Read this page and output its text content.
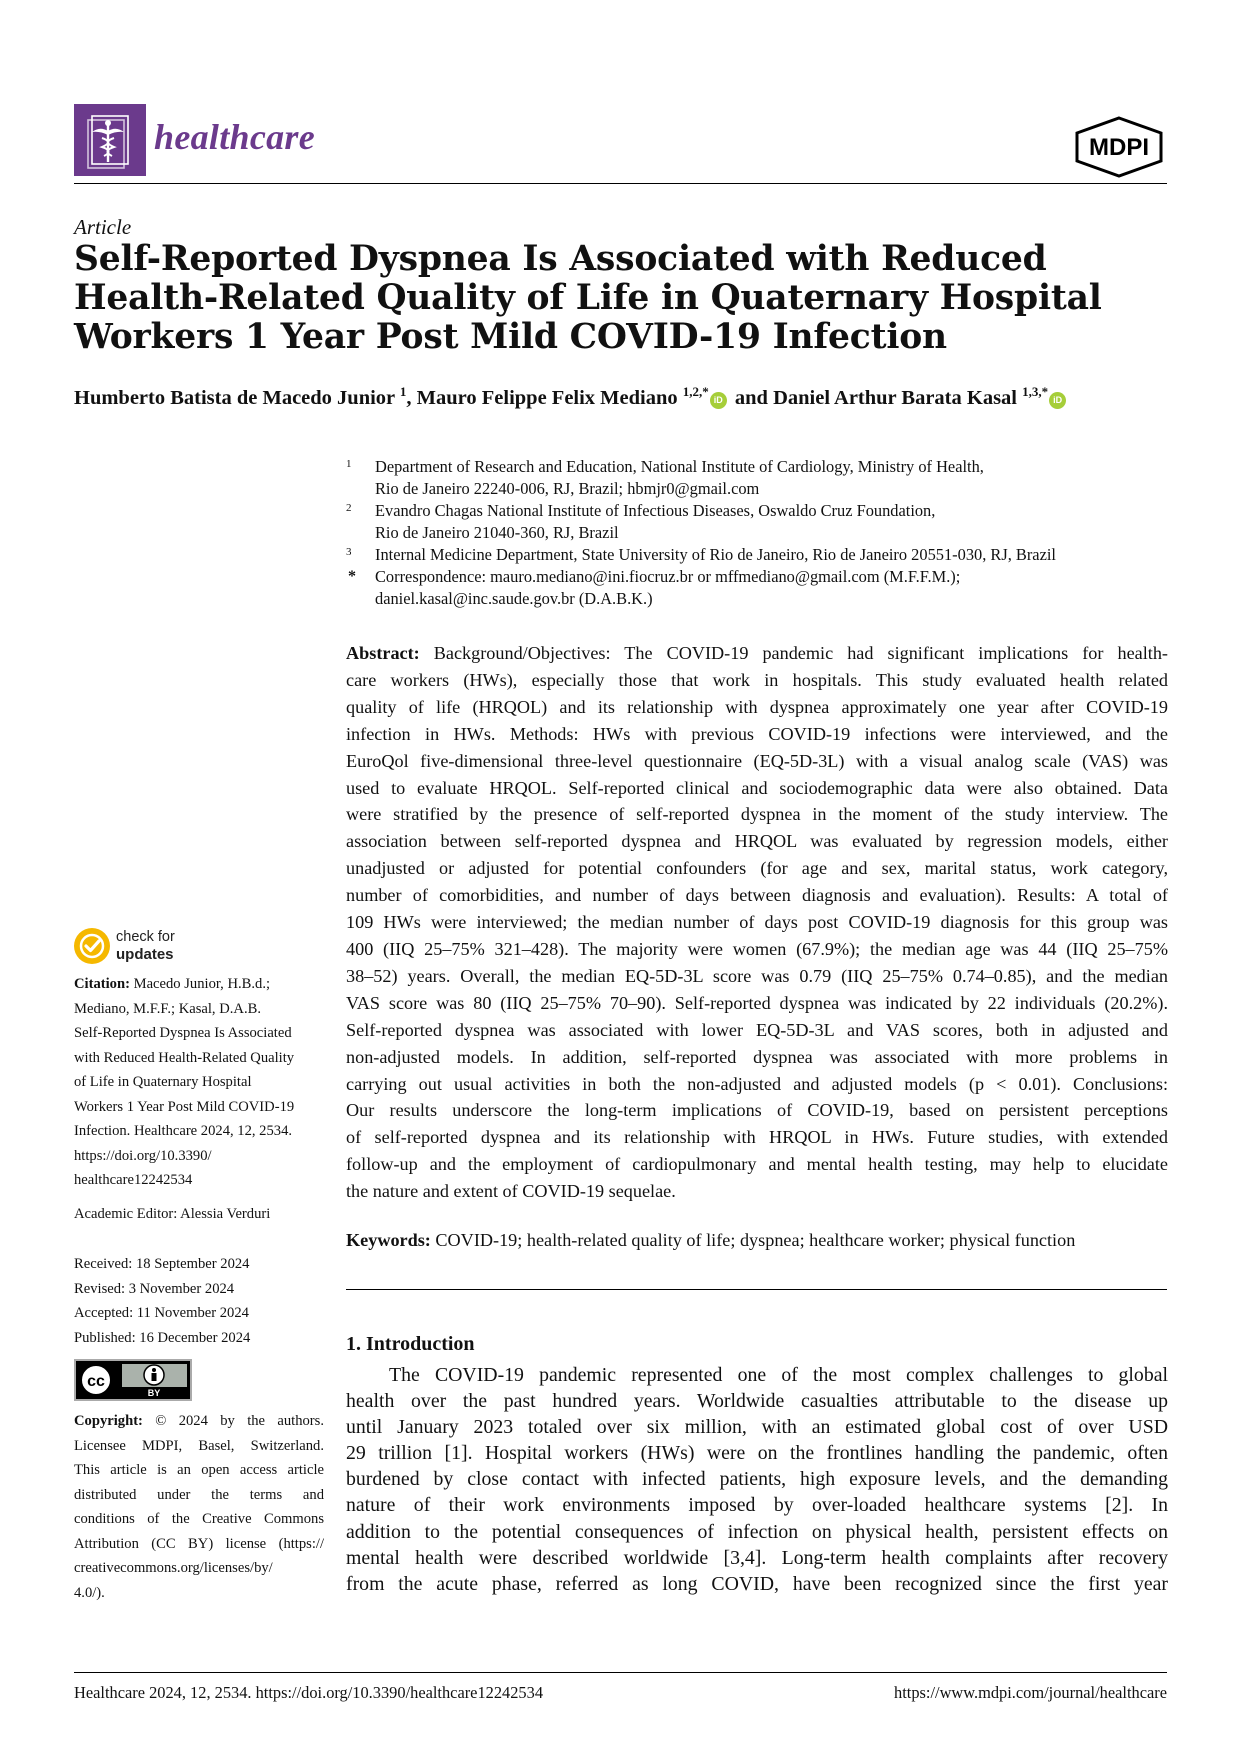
healthcare	MDPI
Article
Self-Reported Dyspnea Is Associated with Reduced
Health-Related Quality of Life in Quaternary Hospital
Workers 1 Year Post Mild COVID-19 Infection
Humberto Batista de Macedo Junior $^1$, Mauro Felippe Felix Mediano $^{1,2,*}$iD and Daniel Arthur Barata Kasal $^{1,3,*}$iD
1 Department of Research and Education, National Institute of Cardiology, Ministry of Health,
Rio de Janeiro 22240-006, RJ, Brazil; hbmjr0@gmail.com
2 Evandro Chagas National Institute of Infectious Diseases, Oswaldo Cruz Foundation,
Rio de Janeiro 21040-360, RJ, Brazil
3 Internal Medicine Department, State University of Rio de Janeiro, Rio de Janeiro 20551-030, RJ, Brazil
* Correspondence: mauro.mediano@ini.fiocruz.br or mffmediano@gmail.com (M.F.F.M.);
daniel.kasal@inc.saude.gov.br (D.A.B.K.)
Abstract: Background/Objectives: The COVID-19 pandemic had significant implications for health-
care workers (HWs), especially those that work in hospitals. This study evaluated health related
quality of life (HRQOL) and its relationship with dyspnea approximately one year after COVID-19
infection in HWs. Methods: HWs with previous COVID-19 infections were interviewed, and the
EuroQol five-dimensional three-level questionnaire (EQ-5D-3L) with a visual analog scale (VAS) was
used to evaluate HRQOL. Self-reported clinical and sociodemographic data were also obtained. Data
were stratified by the presence of self-reported dyspnea in the moment of the study interview. The
association between self-reported dyspnea and HRQOL was evaluated by regression models, either
unadjusted or adjusted for potential confounders (for age and sex, marital status, work category,
number of comorbidities, and number of days between diagnosis and evaluation). Results: A total of
109 HWs were interviewed; the median number of days post COVID-19 diagnosis for this group was
400 (IIQ 25–75% 321–428). The majority were women (67.9%); the median age was 44 (IIQ 25–75%
38–52) years. Overall, the median EQ-5D-3L score was 0.79 (IIQ 25–75% 0.74–0.85), and the median
VAS score was 80 (IIQ 25–75% 70–90). Self-reported dyspnea was indicated by 22 individuals (20.2%).
Self-reported dyspnea was associated with lower EQ-5D-3L and VAS scores, both in adjusted and
non-adjusted models. In addition, self-reported dyspnea was associated with more problems in
carrying out usual activities in both the non-adjusted and adjusted models (p < 0.01). Conclusions:
Our results underscore the long-term implications of COVID-19, based on persistent perceptions
of self-reported dyspnea and its relationship with HRQOL in HWs. Future studies, with extended
follow-up and the employment of cardiopulmonary and mental health testing, may help to elucidate
the nature and extent of COVID-19 sequelae.
Keywords: COVID-19; health-related quality of life; dyspnea; healthcare worker; physical function
1. Introduction
The COVID-19 pandemic represented one of the most complex challenges to global
health over the past hundred years. Worldwide casualties attributable to the disease up
until January 2023 totaled over six million, with an estimated global cost of over USD
29 trillion [1]. Hospital workers (HWs) were on the frontlines handling the pandemic, often
burdened by close contact with infected patients, high exposure levels, and the demanding
nature of their work environments imposed by over-loaded healthcare systems [2]. In
addition to the potential consequences of infection on physical health, persistent effects on
mental health were described worldwide [3,4]. Long-term health complaints after recovery
from the acute phase, referred as long COVID, have been recognized since the first year
check for
updates
Citation: Macedo Junior, H.B.d.;
Mediano, M.F.F.; Kasal, D.A.B.
Self-Reported Dyspnea Is Associated
with Reduced Health-Related Quality
of Life in Quaternary Hospital
Workers 1 Year Post Mild COVID-19
Infection. Healthcare 2024, 12, 2534.
https://doi.org/10.3390/
healthcare12242534
Academic Editor: Alessia Verduri
Received: 18 September 2024
Revised: 3 November 2024
Accepted: 11 November 2024
Published: 16 December 2024
cc
BY
Copyright: © 2024 by the authors.
Licensee MDPI, Basel, Switzerland.
This article is an open access article
distributed under the terms and
conditions of the Creative Commons
Attribution (CC BY) license (https://
creativecommons.org/licenses/by/
4.0/).
Healthcare 2024, 12, 2534. https://doi.org/10.3390/healthcare12242534	https://www.mdpi.com/journal/healthcare
